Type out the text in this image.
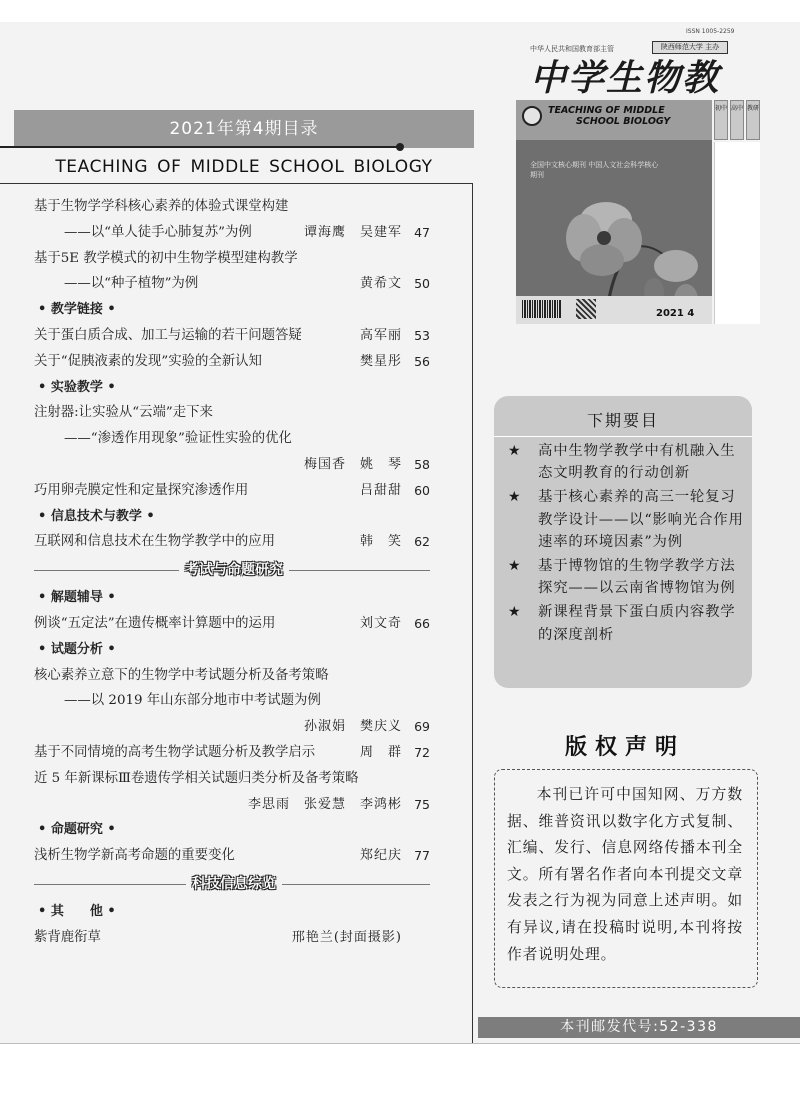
2021年第4期目录
TEACHING OF MIDDLE SCHOOL BIOLOGY
基于生物学学科核心素养的体验式课堂构建
——以“单人徒手心肺复苏”为例	谭海鹰　吴建军 47
基于5E 教学模式的初中生物学模型建构教学
——以“种子植物”为例	黄希文 50
• 教学链接 •
关于蛋白质合成、加工与运输的若干问题答疑	高军丽 53
关于“促胰液素的发现”实验的全新认知	樊星彤 56
• 实验教学 •
注射器:让实验从“云端”走下来
——“渗透作用现象”验证性实验的优化
梅国香　姚　琴 58
巧用卵壳膜定性和定量探究渗透作用	吕甜甜 60
• 信息技术与教学 •
互联网和信息技术在生物学教学中的应用	韩　笑 62
考试与命题研究
• 解题辅导 •
例谈“五定法”在遗传概率计算题中的运用	刘文奇 66
• 试题分析 •
核心素养立意下的生物学中考试题分析及备考策略
——以 2019 年山东部分地市中考试题为例
孙淑娟　樊庆义 69
基于不同情境的高考生物学试题分析及教学启示	周　群 72
近 5 年新课标Ⅲ卷遗传学相关试题归类分析及备考策略
李思雨　张爱慧　李鸿彬 75
• 命题研究 •
浅析生物学新高考命题的重要变化	郑纪庆 77
科技信息综览
• 其　　他 •
紫背鹿衔草	邢艳兰(封面摄影)
ISSN 1005-2259
中华人民共和国教育部主管	陕西师范大学 主办
中学生物教
TEACHING OF MIDDLE
SCHOOL BIOLOGY
全国中文核心期刊 中国人文社会科学核心期刊
2021 4
初中 高中 教研
下期要目
★ 高中生物学教学中有机融入生态文明教育的行动创新
★ 基于核心素养的高三一轮复习教学设计——以“影响光合作用速率的环境因素”为例
★ 基于博物馆的生物学教学方法探究——以云南省博物馆为例
★ 新课程背景下蛋白质内容教学的深度剖析
版权声明

本刊已许可中国知网、万方数据、维普资讯以数字化方式复制、汇编、发行、信息网络传播本刊全文。所有署名作者向本刊提交文章发表之行为视为同意上述声明。如有异议,请在投稿时说明,本刊将按作者说明处理。

本刊邮发代号:52-338
